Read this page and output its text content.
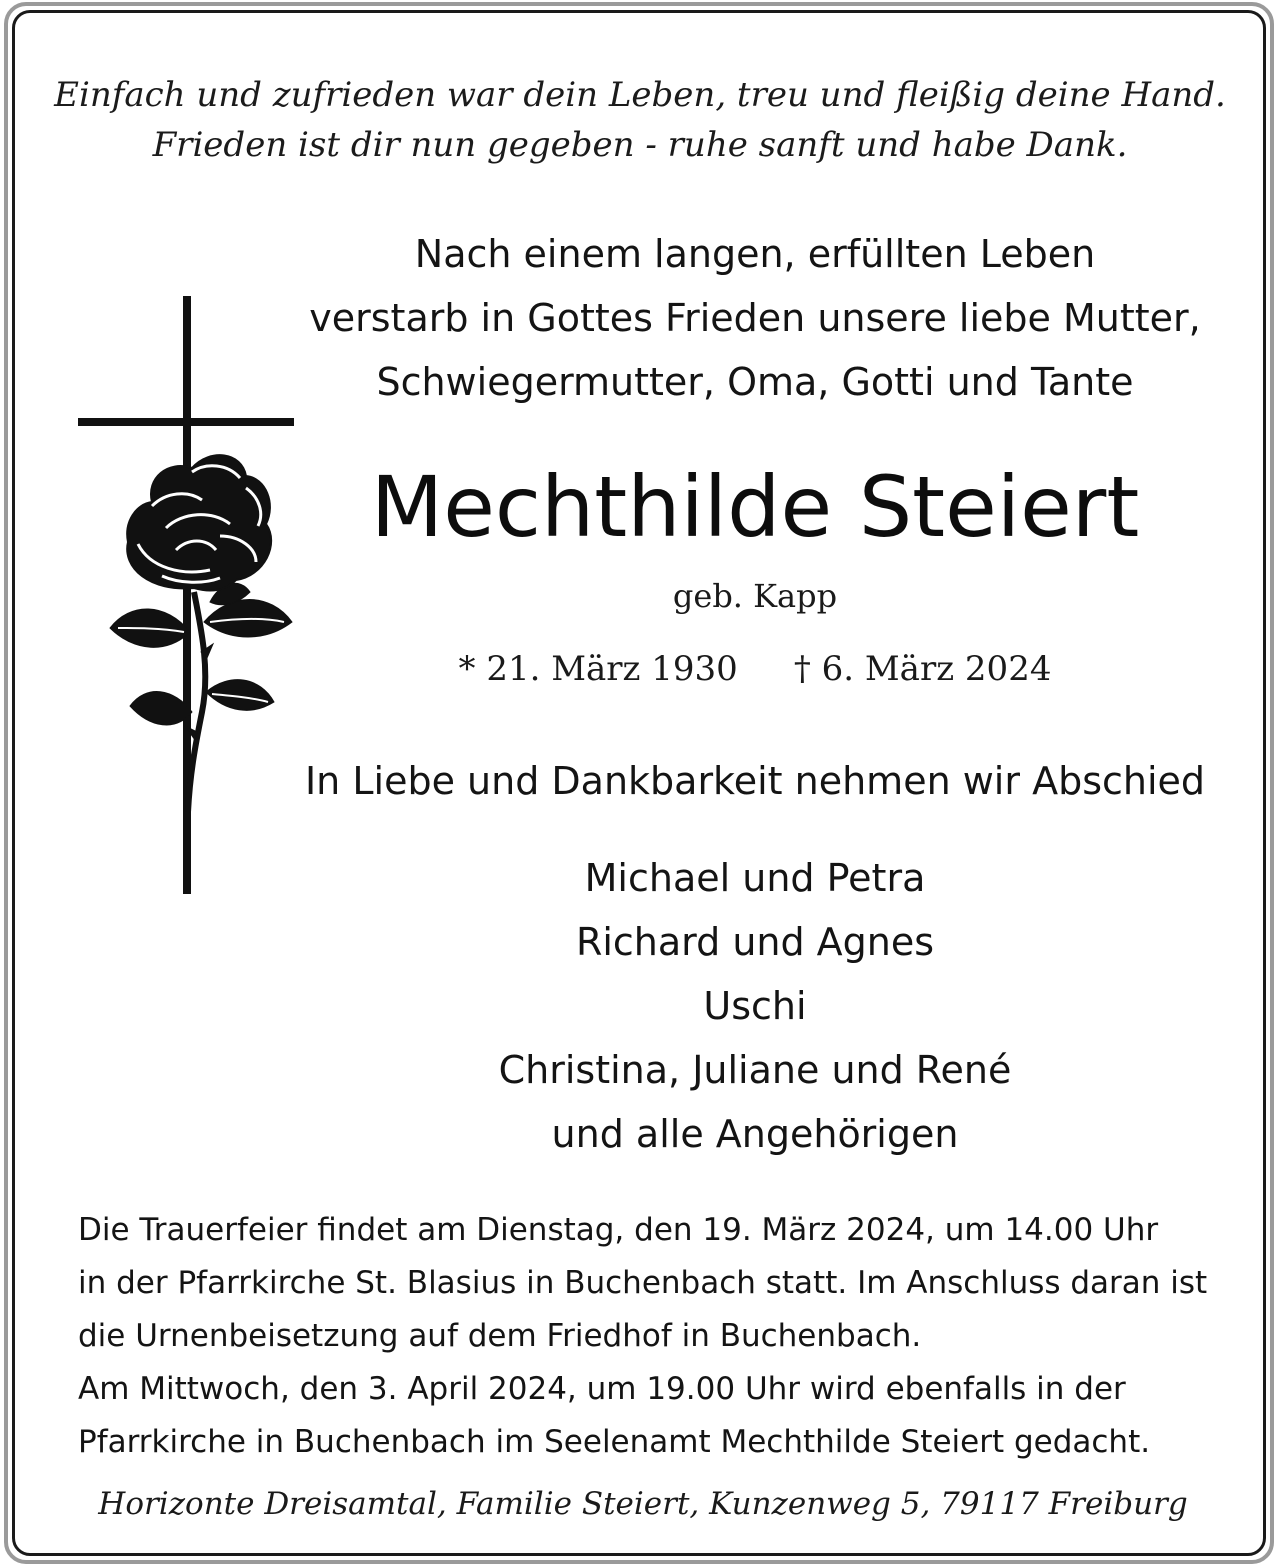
Einfach und zufrieden war dein Leben, treu und fleißig deine Hand.
Frieden ist dir nun gegeben - ruhe sanft und habe Dank.
Nach einem langen, erfüllten Leben
verstarb in Gottes Frieden unsere liebe Mutter,
Schwiegermutter, Oma, Gotti und Tante
Mechthilde Steiert
geb. Kapp
* 21. März 1930 † 6. März 2024
In Liebe und Dankbarkeit nehmen wir Abschied
Michael und Petra
Richard und Agnes
Uschi
Christina, Juliane und René
und alle Angehörigen
Die Trauerfeier findet am Dienstag, den 19. März 2024, um 14.00 Uhr
in der Pfarrkirche St. Blasius in Buchenbach statt. Im Anschluss daran ist
die Urnenbeisetzung auf dem Friedhof in Buchenbach.
Am Mittwoch, den 3. April 2024, um 19.00 Uhr wird ebenfalls in der
Pfarrkirche in Buchenbach im Seelenamt Mechthilde Steiert gedacht.
Horizonte Dreisamtal, Familie Steiert, Kunzenweg 5, 79117 Freiburg
